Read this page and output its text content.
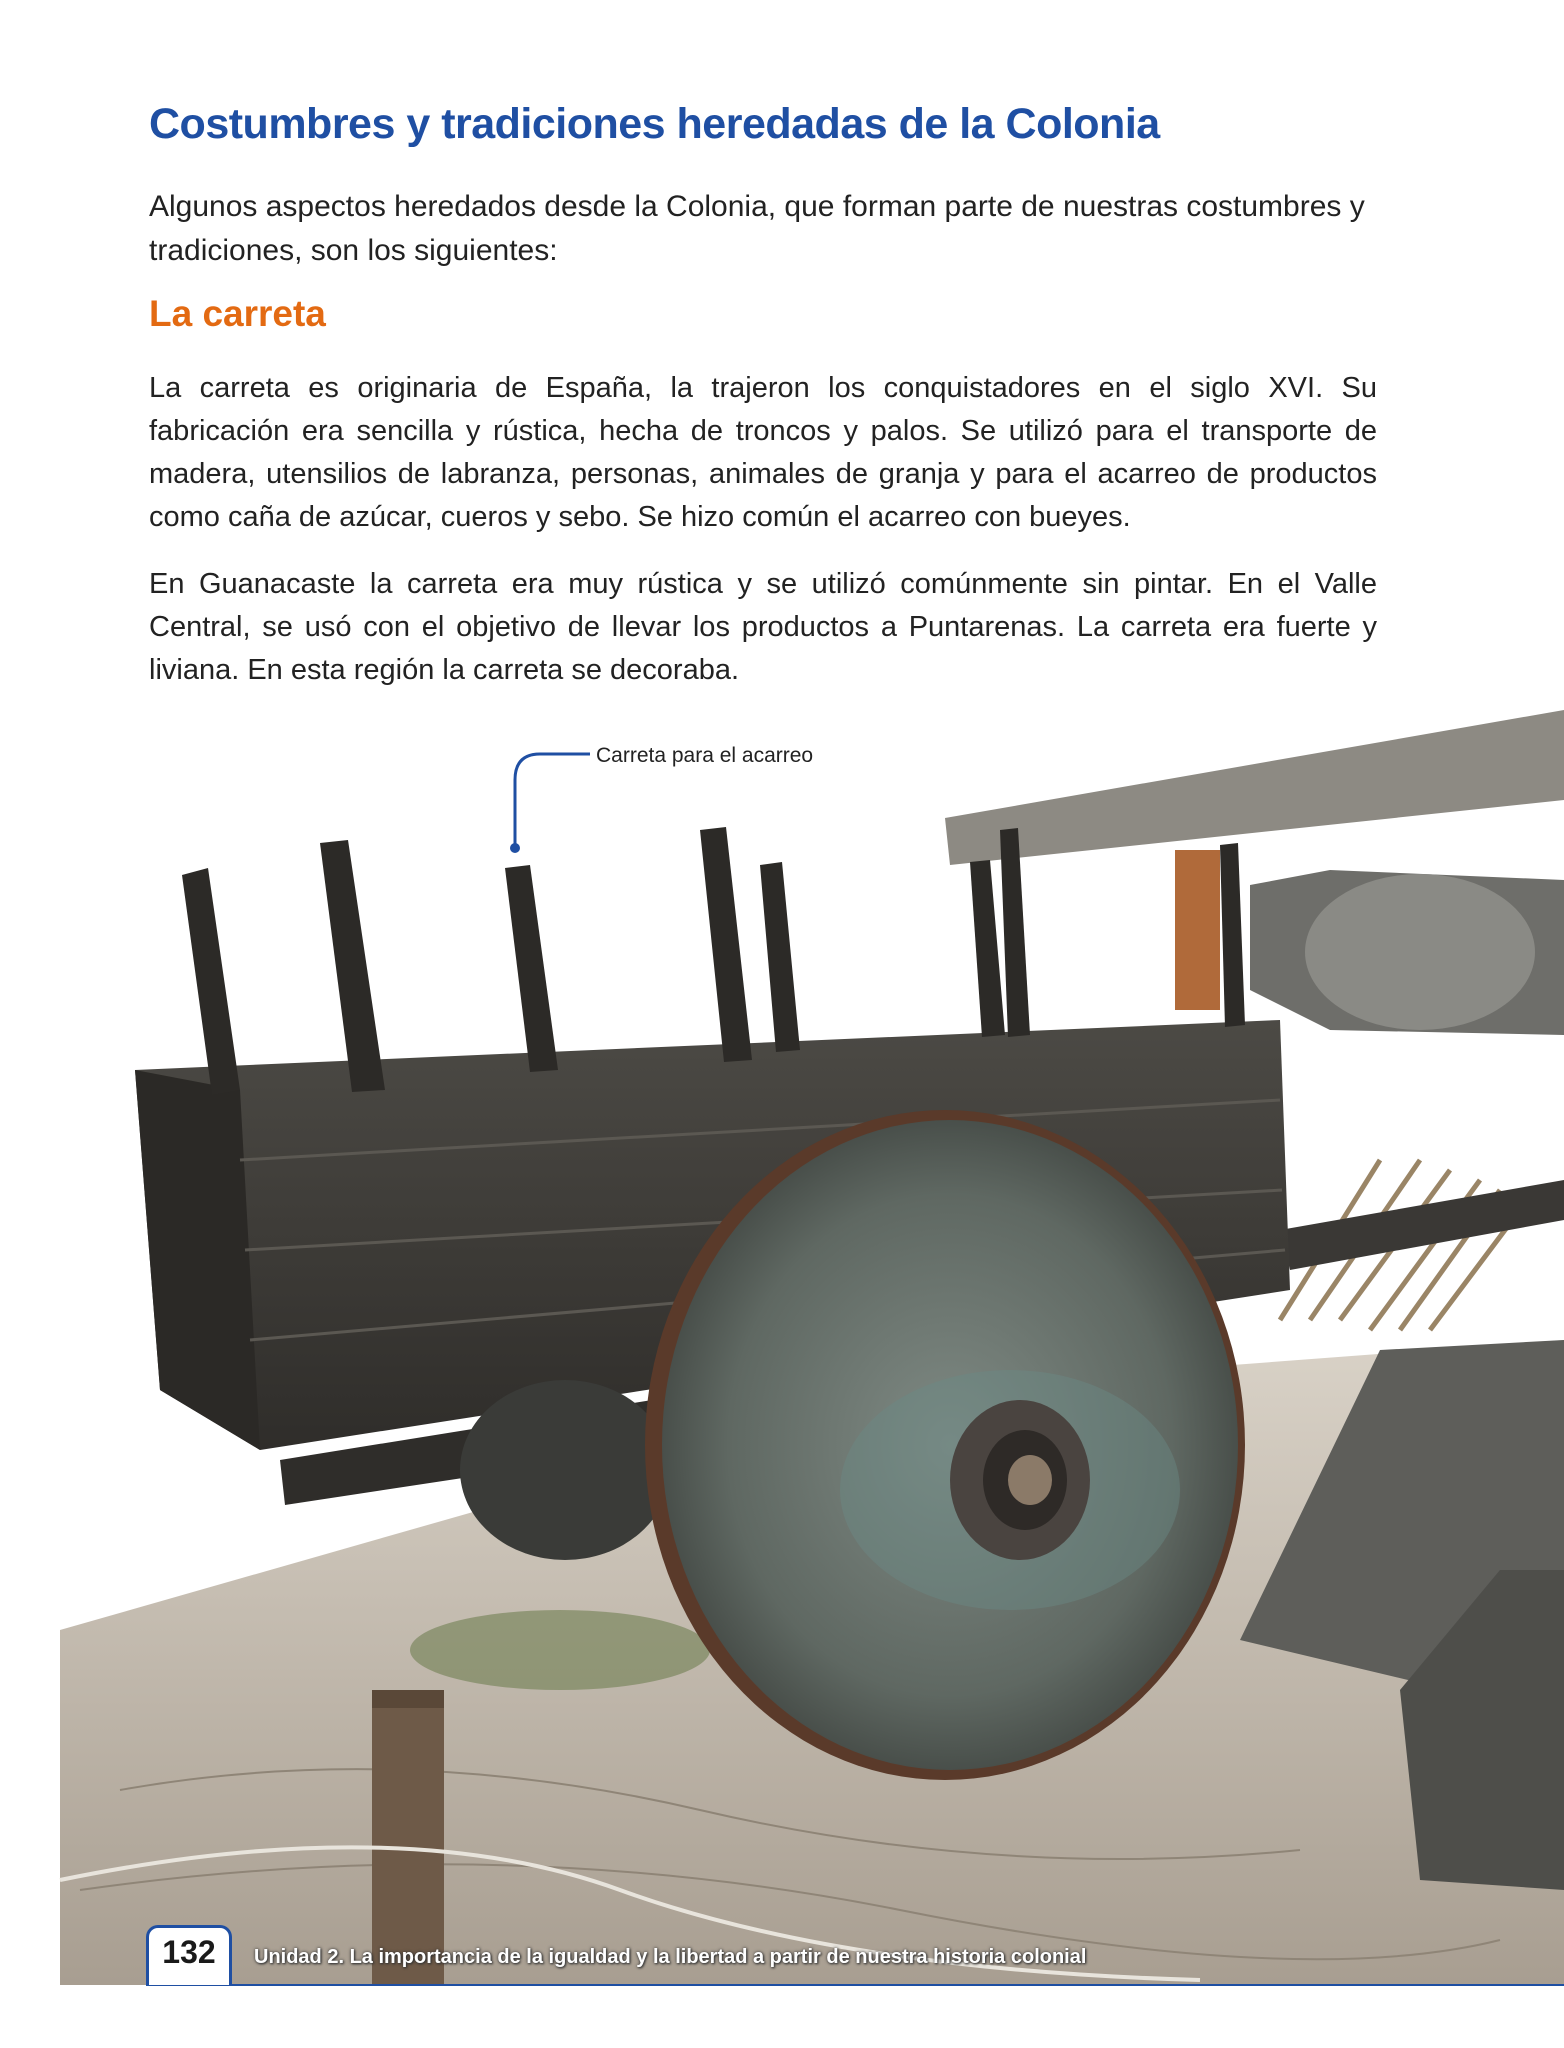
Costumbres y tradiciones heredadas de la Colonia

Algunos aspectos heredados desde la Colonia, que forman parte de nuestras costumbres y tradiciones, son los siguientes:

La carreta

La carreta es originaria de España, la trajeron los conquistadores en el siglo XVI. Su fabricación era sencilla y rústica, hecha de troncos y palos. Se utilizó para el transporte de madera, utensilios de labranza, personas, animales de granja y para el acarreo de productos como caña de azúcar, cueros y sebo. Se hizo común el acarreo con bueyes.

En Guanacaste la carreta era muy rústica y se utilizó comúnmente sin pintar. En el Valle Central, se usó con el objetivo de llevar los productos a Puntarenas. La carreta era fuerte y liviana. En esta región la carreta se decoraba.

Carreta para el acarreo
132	Unidad 2. La importancia de la igualdad y la libertad a partir de nuestra historia colonial
